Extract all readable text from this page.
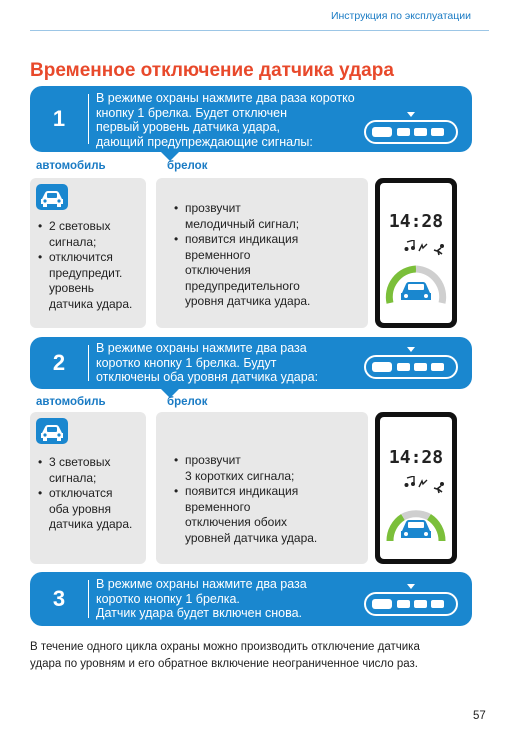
Инструкция по эксплуатации
Временное отключение датчика удара
1
В режиме охраны нажмите два раза коротко
кнопку 1 брелка. Будет отключен
первый уровень датчика удара,
дающий предупреждающие сигналы:
автомобиль	брелок
• 2 световых
сигнала;
• отключится
предупредит.
уровень
датчика удара.
• прозвучит
мелодичный сигнал;
• появится индикация
временного
отключения
предупредительного
уровня датчика удара.
14:28
2
В режиме охраны нажмите два раза
коротко кнопку 1 брелка. Будут
отключены оба уровня датчика удара:
автомобиль	брелок
• 3 световых
сигнала;
• отключатся
оба уровня
датчика удара.
• прозвучит
3 коротких сигнала;
• появится индикация
временного
отключения обоих
уровней датчика удара.
14:28
3
В режиме охраны нажмите два раза
коротко кнопку 1 брелка.
Датчик удара будет включен снова.
В течение одного цикла охраны можно производить отключение датчика
удара по уровням и его обратное включение неограниченное число раз.
57
